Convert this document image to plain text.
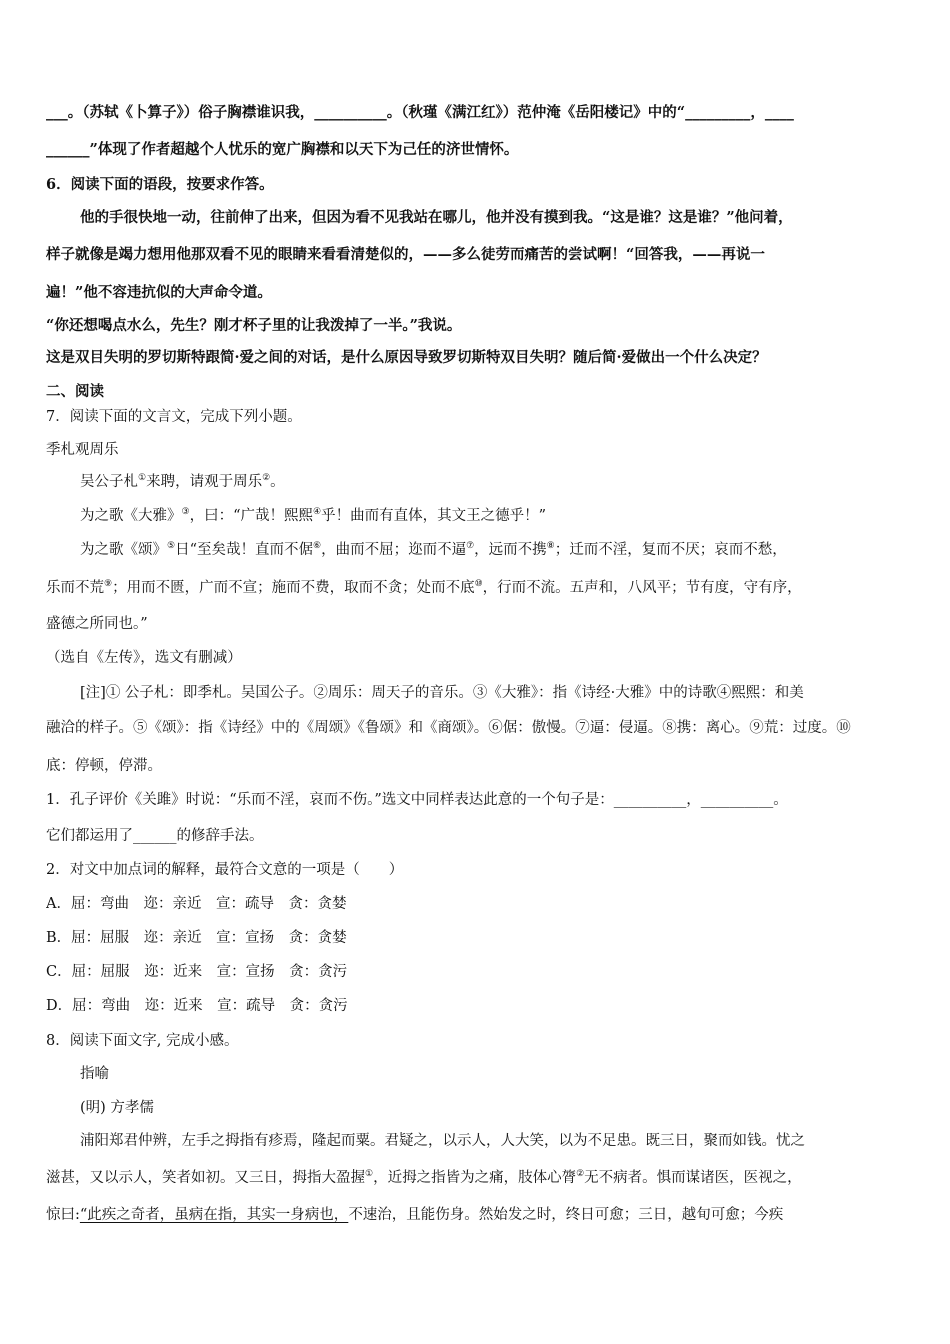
___。（苏轼《卜算子》）俗子胸襟谁识我，__________。（秋瑾《满江红》）范仲淹《岳阳楼记》中的“_________，____
______”体现了作者超越个人忧乐的宽广胸襟和以天下为己任的济世情怀。
6．阅读下面的语段，按要求作答。
他的手很快地一动，往前伸了出来，但因为看不见我站在哪儿，他并没有摸到我。“这是谁？这是谁？”他问着，
样子就像是竭力想用他那双看不见的眼睛来看看清楚似的，——多么徒劳而痛苦的尝试啊！“回答我，——再说一
遍！”他不容违抗似的大声命令道。
“你还想喝点水么，先生？刚才杯子里的让我泼掉了一半。”我说。
这是双目失明的罗切斯特跟简·爱之间的对话，是什么原因导致罗切斯特双目失明？随后简·爱做出一个什么决定？
二、阅读
7．阅读下面的文言文，完成下列小题。
季札观周乐
吴公子札①来聘，请观于周乐②。
为之歌《大雅》③，曰：“广哉！熙熙④乎！曲而有直体，其文王之德乎！”
为之歌《颂》⑤日“至矣哉！直而不倨⑥，曲而不屈；迩而不逼⑦，远而不携⑧；迁而不淫，复而不厌；哀而不愁，
乐而不荒⑨；用而不匮，广而不宣；施而不费，取而不贪；处而不底⑩，行而不流。五声和，八风平；节有度，守有序，
盛德之所同也。”
（选自《左传》，选文有删减）
[注]① 公子札：即季札。吴国公子。②周乐：周天子的音乐。③《大雅》：指《诗经·大雅》中的诗歌④熙熙：和美
融洽的样子。⑤《颂》：指《诗经》中的《周颂》《鲁颂》和《商颂》。⑥倨：傲慢。⑦逼：侵逼。⑧携：离心。⑨荒：过度。⑩
底：停顿，停滞。
1．孔子评价《关雎》时说：“乐而不淫，哀而不伤。”选文中同样表达此意的一个句子是：__________，__________。
它们都运用了______的修辞手法。
2．对文中加点词的解释，最符合文意的一项是（　　）
A．屈：弯曲　迩：亲近　宣：疏导　贪：贪婪
B．屈：屈服　迩：亲近　宣：宣扬　贪：贪婪
C．屈：屈服　迩：近来　宣：宣扬　贪：贪污
D．屈：弯曲　迩：近来　宣：疏导　贪：贪污
8．阅读下面文字, 完成小感。
指喻
(明) 方孝儒
浦阳郑君仲辨，左手之拇指有疹焉，隆起而粟。君疑之，以示人，人大笑，以为不足患。既三日，聚而如钱。忧之
滋甚，又以示人，笑者如初。又三日，拇指大盈握①，近拇之指皆为之痛，肢体心膂②无不病者。惧而谋诸医，医视之，
惊曰:“此疾之奇者，虽病在指，其实一身病也，不速治，且能伤身。然始发之时，终日可愈；三日，越旬可愈；今疾
